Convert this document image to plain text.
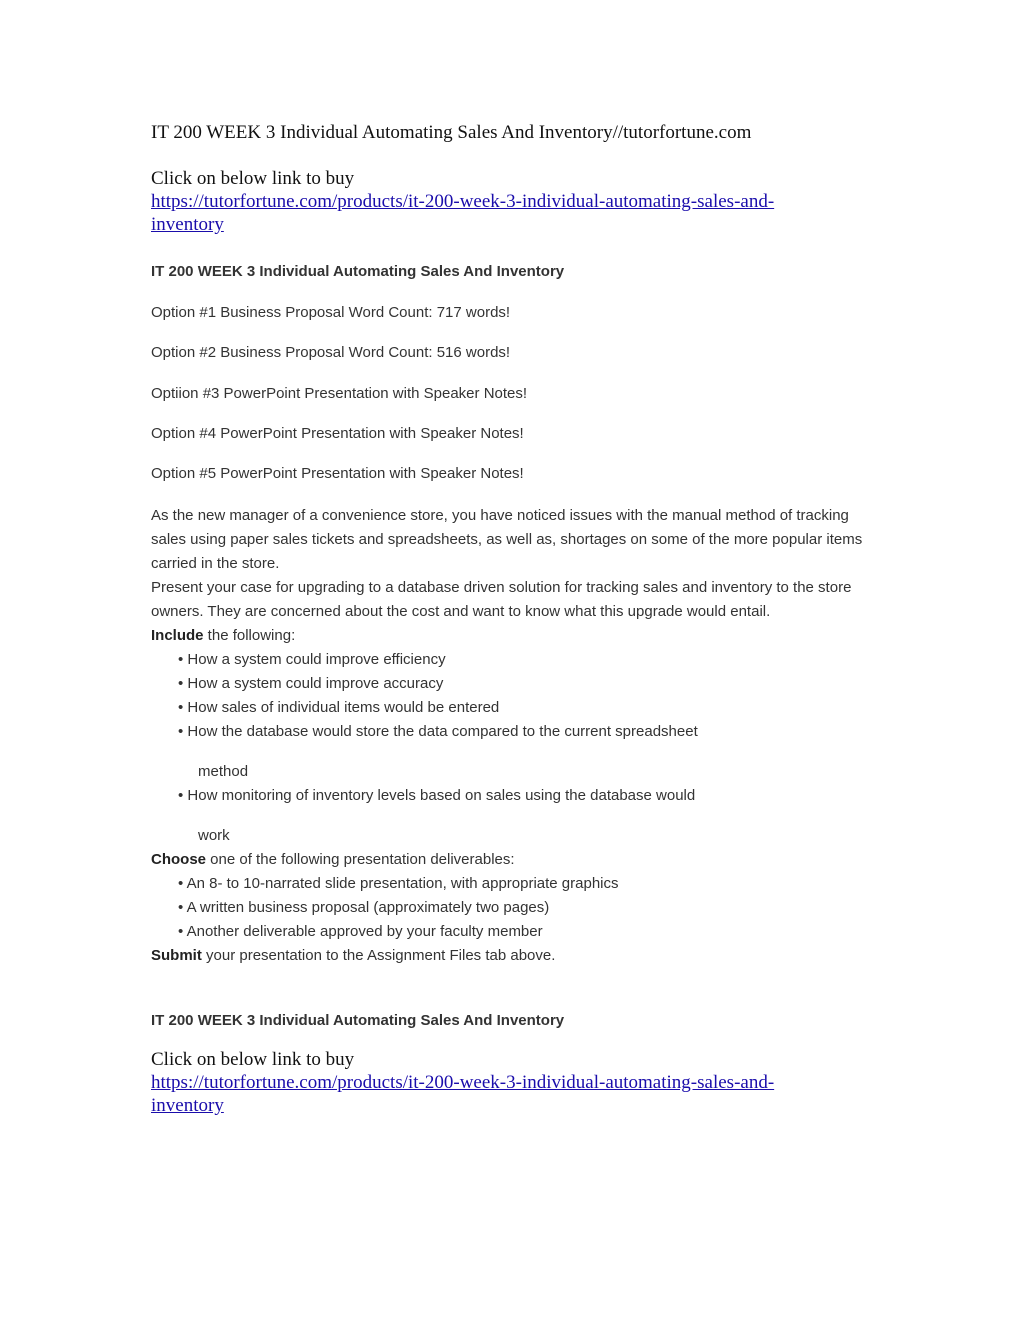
IT 200 WEEK 3 Individual Automating Sales And Inventory//tutorfortune.com
Click on below link to buy
https://tutorfortune.com/products/it-200-week-3-individual-automating-sales-and-
inventory
IT 200 WEEK 3 Individual Automating Sales And Inventory
Option #1 Business Proposal Word Count: 717 words!
Option #2 Business Proposal Word Count: 516 words!
Optiion #3 PowerPoint Presentation with Speaker Notes!
Option #4 PowerPoint Presentation with Speaker Notes!
Option #5 PowerPoint Presentation with Speaker Notes!

As the new manager of a convenience store, you have noticed issues with the manual method of tracking sales using paper sales tickets and spreadsheets, as well as, shortages on some of the more popular items carried in the store.

Present your case for upgrading to a database driven solution for tracking sales and inventory to the store owners. They are concerned about the cost and want to know what this upgrade would entail.

Include the following:

• How a system could improve efficiency
• How a system could improve accuracy
• How sales of individual items would be entered
• How the database would store the data compared to the current spreadsheet
method
• How monitoring of inventory levels based on sales using the database would
work

Choose one of the following presentation deliverables:

• An 8- to 10-narrated slide presentation, with appropriate graphics
• A written business proposal (approximately two pages)
• Another deliverable approved by your faculty member

Submit your presentation to the Assignment Files tab above.

IT 200 WEEK 3 Individual Automating Sales And Inventory
Click on below link to buy
https://tutorfortune.com/products/it-200-week-3-individual-automating-sales-and-
inventory
